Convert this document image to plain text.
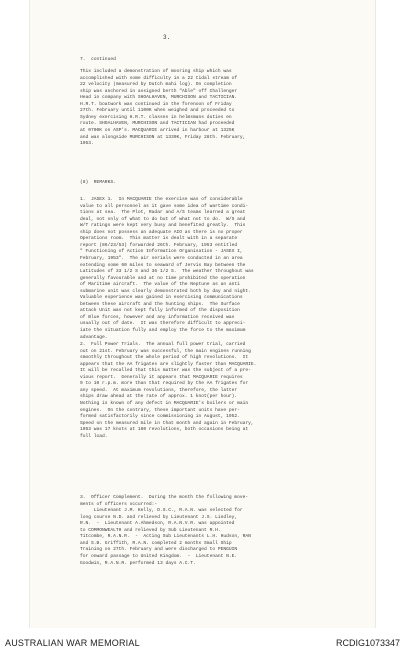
3.
7.  continued
This included a demonstration of mooring ship which was
accomplished with some difficulty in a 22 tidal stream of
22 velocity (measured by Dutch mahi log). On completion
ship was anchored in assigned berth "Able" off Challenger
Head in company with SHOALHAVEN, MURCHISON and TACTICIAN.
H.R.T. boatwork was continued in the forenoon of Friday
27th. February until 1100K when weighed and proceeded to
Sydney exercising H.R.T. classes in helmsmans duties en
route. SHOALHAVEN, MURCHISON and TACTICIAN had proceeded
at 0700K on ASP's. MACQUARIE arrived in harbour at 1325K
and was alongside MURCHISON at 1339K, Friday 28th. February,
1953.
(8)  REMARKS.
1.  JASEX 1.  In MACQUARIE the exercise was of considerable
value to all personnel as it gave some idea of wartime condi-
tions at sea.  The Plot, Radar and A/S teams learned a great
deal, not only of what to do but of what not to do.  W/S and
W/T ratings were kept very busy and benefited greatly.  This
ship does not possess an adequate AIO as there is no proper
Operations room.  This matter is dealt with in a separate
report (86/23/53) forwarded 26th. February, 1953 entitled
" Functioning of Action Information Organisation - JASEX I,
February, 1953".  The air serials were conducted in an area
extending some 60 miles to seaward of Jervis Bay between the
Latitudes of 33 1/2 S and 36 1/2 S.  The weather throughout was
generally favourable and at no time prohibited the operation
of Maritime aircraft.  The value of the Neptune as an anti
submarine unit was clearly demonstrated both by day and night.
Valuable experience was gained in exercising communications
between these aircraft and the hunting ships.  The Surface
attack Unit was not kept fully informed of the disposition
of Blue forces, however and any information received was
usually out of date.  It was therefore difficult to appreci-
iate the situation fully and employ the force to the maximum
advantage.
2.  Full Power Trials.  The annual full power trial, carried
out on 21st. February was successful, the main engines running
smoothly throughout the whole period of high revolutions.  It
appears that the AA frigates are slightly faster than MACQUARIE.
It will be recalled that this matter was the subject of a pre-
vious report.  Generally it appears that MACQUARIE requires
9 to 10 r.p.m. more than that required by the AA frigates for
any speed.  At maximum revolutions, therefore, the latter
ships draw ahead at the rate of approx. 1 knot(per hour).
Nothing is known of any defect in MACQUARIE's boilers or main
engines.  On the contrary, these important units have per-
formed satisfactorily since commissioning in August, 1952.
Speed on the measured mile in that month and again in February,
1953 was 17 knots at 160 revolutions, both occasions being at
full load.
3.  Officer Complement.  During the month the following move-
ments of officers occurred:-
Lieutenant J.M. Kelly, D.S.C., R.A.N. was selected for
long course N.D. and relieved by Lieutenant J.S. Lindley,
R.N.  -  Lieutenant A.Ahmedson, R.A.N.V.R. was appointed
to COMMONWEALTH and relieved by Sub Lieutenant R.H.
Titcombe, R.A.N.R.  -  Acting Sub Lieutenants L.H. Hudson, RAN
and S.B. Griffith, R.A.N. completed 2 months Small Ship
Training on 27th. February and were discharged to PENGUIN
for onward passage to United Kingdom.  -  Lieutenant N.E.
Goodwin, R.A.N.R. performed 13 days A.C.T.
AUSTRALIAN WAR MEMORIAL	RCDIG1073347
